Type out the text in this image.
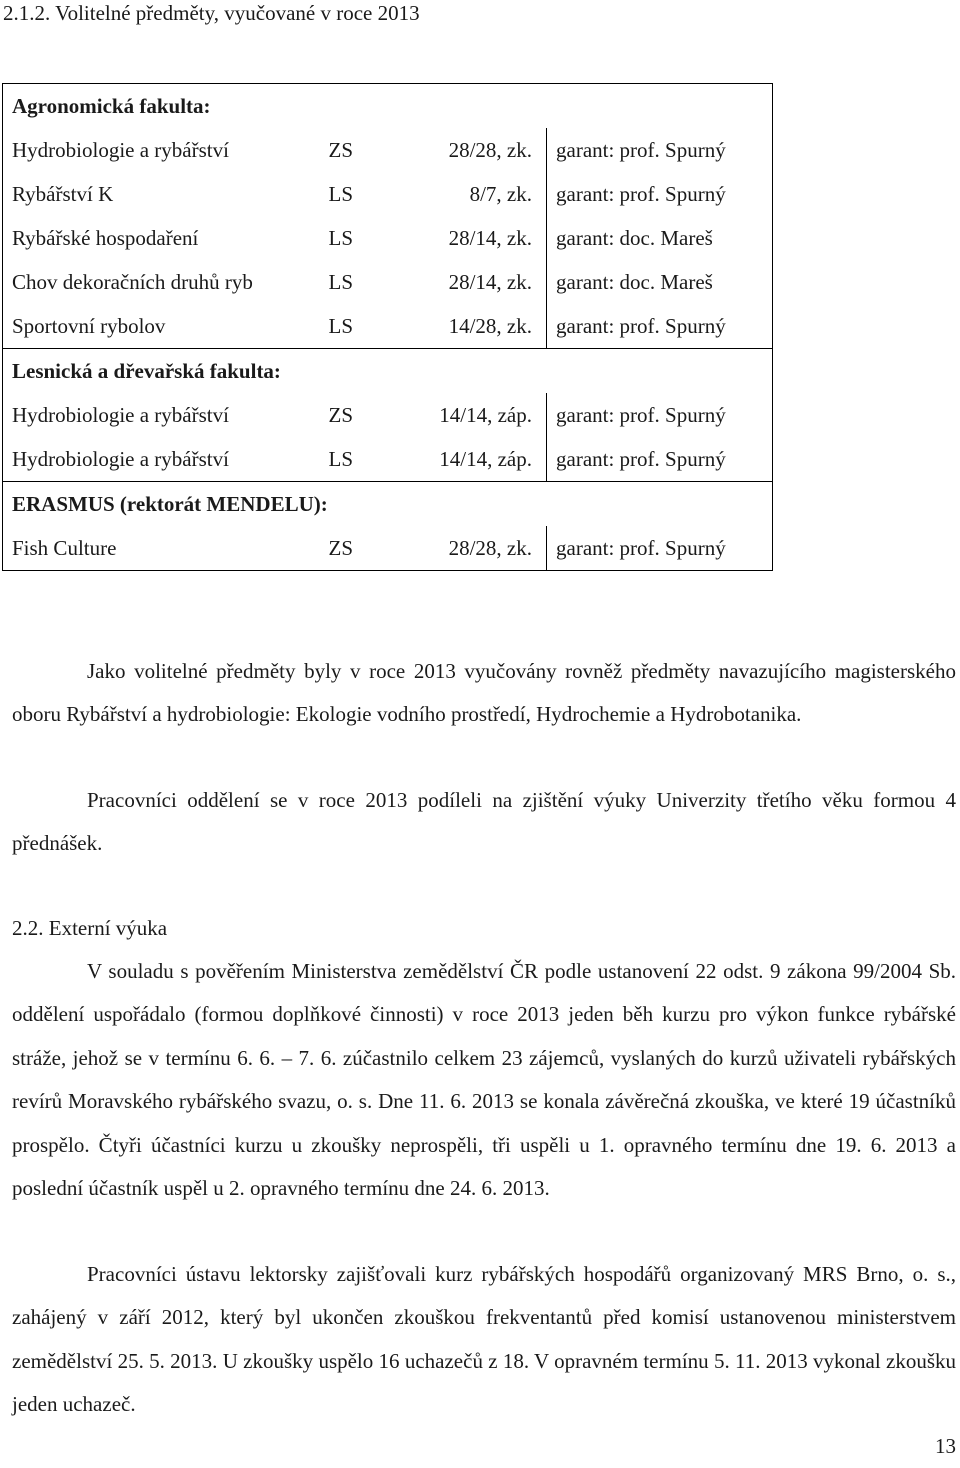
2.1.2. Volitelné předměty, vyučované v roce 2013
Agronomická fakulta:			
Hydrobiologie a rybářství	ZS	28/28, zk.	garant: prof. Spurný
Rybářství K	LS	8/7, zk.	garant: prof. Spurný
Rybářské hospodaření	LS	28/14, zk.	garant: doc. Mareš
Chov dekoračních druhů ryb	LS	28/14, zk.	garant: doc. Mareš
Sportovní rybolov	LS	14/28, zk.	garant: prof. Spurný
Lesnická a dřevařská fakulta:			
Hydrobiologie a rybářství	ZS	14/14, záp.	garant: prof. Spurný
Hydrobiologie a rybářství	LS	14/14, záp.	garant: prof. Spurný
ERASMUS (rektorát MENDELU):			
Fish Culture	ZS	28/28, zk.	garant: prof. Spurný

Jako volitelné předměty byly v roce 2013 vyučovány rovněž předměty navazujícího magisterského oboru Rybářství a hydrobiologie: Ekologie vodního prostředí, Hydrochemie a Hydrobotanika.

Pracovníci oddělení se v roce 2013 podíleli na zjištění výuky Univerzity třetího věku formou 4 přednášek.

2.2. Externí výuka

V souladu s pověřením Ministerstva zemědělství ČR podle ustanovení 22 odst. 9 zákona 99/2004 Sb. oddělení uspořádalo (formou doplňkové činnosti) v roce 2013 jeden běh kurzu pro výkon funkce rybářské stráže, jehož se v termínu 6. 6. – 7. 6. zúčastnilo celkem 23 zájemců, vyslaných do kurzů uživateli rybářských revírů Moravského rybářského svazu, o. s. Dne 11. 6. 2013 se konala závěrečná zkouška, ve které 19 účastníků prospělo. Čtyři účastníci kurzu u zkoušky neprospěli, tři uspěli u 1. opravného termínu dne 19. 6. 2013 a poslední účastník uspěl u 2. opravného termínu dne 24. 6. 2013.

Pracovníci ústavu lektorsky zajišťovali kurz rybářských hospodářů organizovaný MRS Brno, o. s., zahájený v září 2012, který byl ukončen zkouškou frekventantů před komisí ustanovenou ministerstvem zemědělství 25. 5. 2013. U zkoušky uspělo 16 uchazečů z 18. V opravném termínu 5. 11. 2013 vykonal zkoušku jeden uchazeč.

13
